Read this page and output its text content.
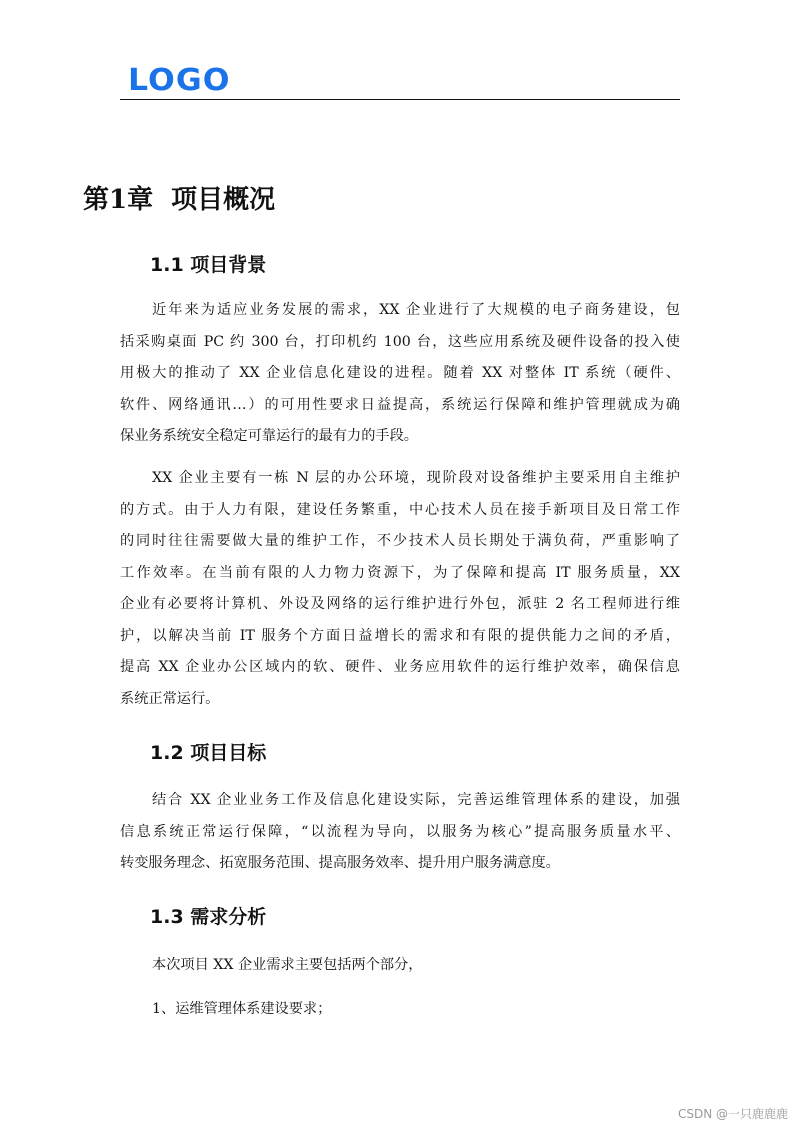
LOGO
第1章 项目概况
1.1 项目背景
近年来为适应业务发展的需求，XX 企业进行了大规模的电子商务建设，包
括采购桌面 PC 约 300 台，打印机约 100 台，这些应用系统及硬件设备的投入使
用极大的推动了 XX 企业信息化建设的进程。随着 XX 对整体 IT 系统（硬件、
软件、网络通讯…）的可用性要求日益提高，系统运行保障和维护管理就成为确
保业务系统安全稳定可靠运行的最有力的手段。
XX 企业主要有一栋 N 层的办公环境，现阶段对设备维护主要采用自主维护
的方式。由于人力有限，建设任务繁重，中心技术人员在接手新项目及日常工作
的同时往往需要做大量的维护工作，不少技术人员长期处于满负荷，严重影响了
工作效率。在当前有限的人力物力资源下，为了保障和提高 IT 服务质量，XX
企业有必要将计算机、外设及网络的运行维护进行外包，派驻 2 名工程师进行维
护，以解决当前 IT 服务个方面日益增长的需求和有限的提供能力之间的矛盾，
提高 XX 企业办公区域内的软、硬件、业务应用软件的运行维护效率，确保信息
系统正常运行。
1.2 项目目标
结合 XX 企业业务工作及信息化建设实际，完善运维管理体系的建设，加强
信息系统正常运行保障，“以流程为导向，以服务为核心”提高服务质量水平、
转变服务理念、拓宽服务范围、提高服务效率、提升用户服务满意度。
1.3 需求分析
本次项目 XX 企业需求主要包括两个部分，
1、运维管理体系建设要求；
CSDN @一只鹿鹿鹿
